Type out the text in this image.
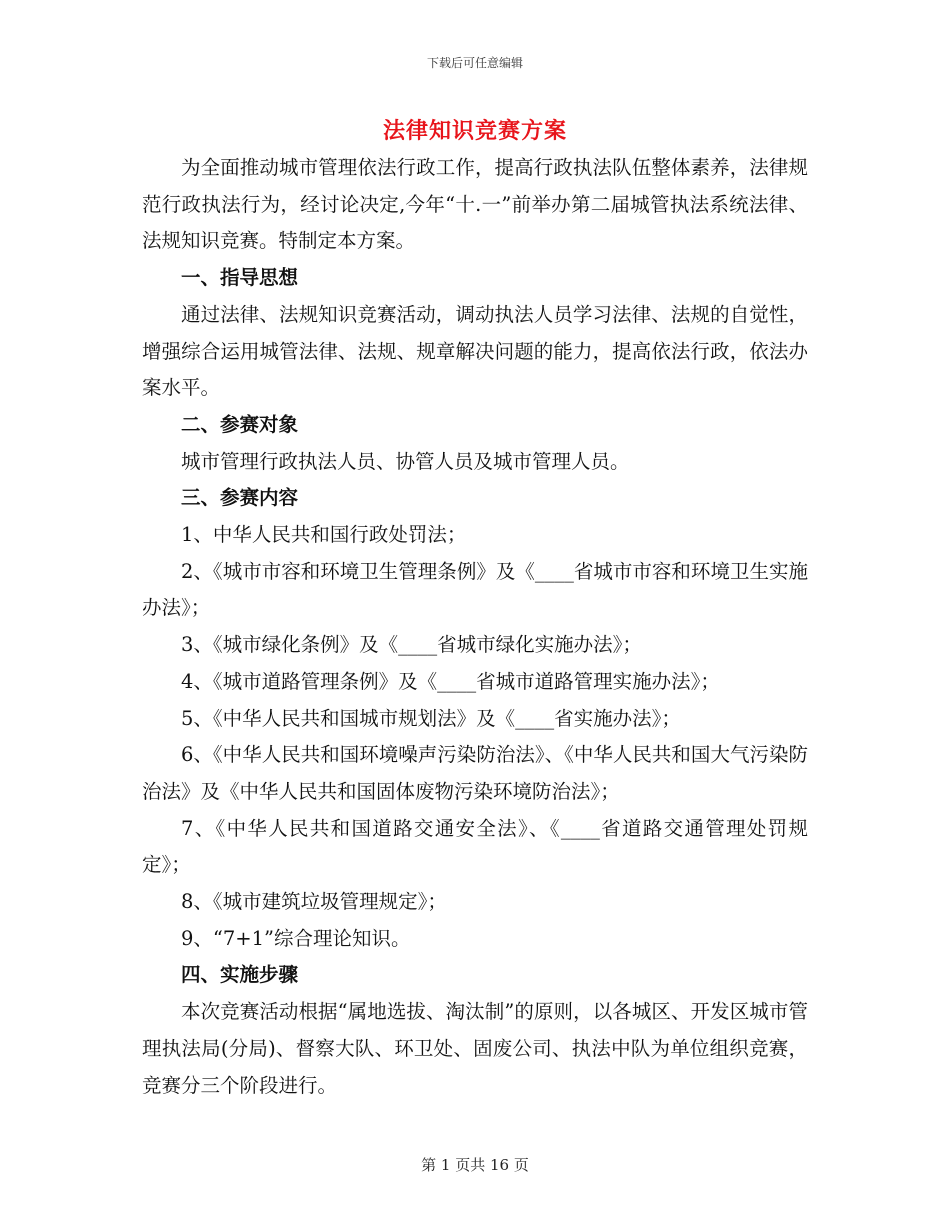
下载后可任意编辑
法律知识竞赛方案

为全面推动城市管理依法行政工作，提高行政执法队伍整体素养，法律规范行政执法行为，经讨论决定,今年“十.一”前举办第二届城管执法系统法律、法规知识竞赛。特制定本方案。

一、指导思想

通过法律、法规知识竞赛活动，调动执法人员学习法律、法规的自觉性，增强综合运用城管法律、法规、规章解决问题的能力，提高依法行政，依法办案水平。

二、参赛对象

城市管理行政执法人员、协管人员及城市管理人员。

三、参赛内容

1、中华人民共和国行政处罚法；

2、《城市市容和环境卫生管理条例》及《____省城市市容和环境卫生实施办法》；

3、《城市绿化条例》及《____省城市绿化实施办法》；

4、《城市道路管理条例》及《____省城市道路管理实施办法》；

5、《中华人民共和国城市规划法》及《____省实施办法》；

6、《中华人民共和国环境噪声污染防治法》、《中华人民共和国大气污染防治法》及《中华人民共和国固体废物污染环境防治法》；

7、《中华人民共和国道路交通安全法》、《____省道路交通管理处罚规定》；

8、《城市建筑垃圾管理规定》；

9、“7+1”综合理论知识。

四、实施步骤

本次竞赛活动根据“属地选拔、淘汰制”的原则，以各城区、开发区城市管理执法局(分局)、督察大队、环卫处、固废公司、执法中队为单位组织竞赛，竞赛分三个阶段进行。

第 1 页共 16 页
